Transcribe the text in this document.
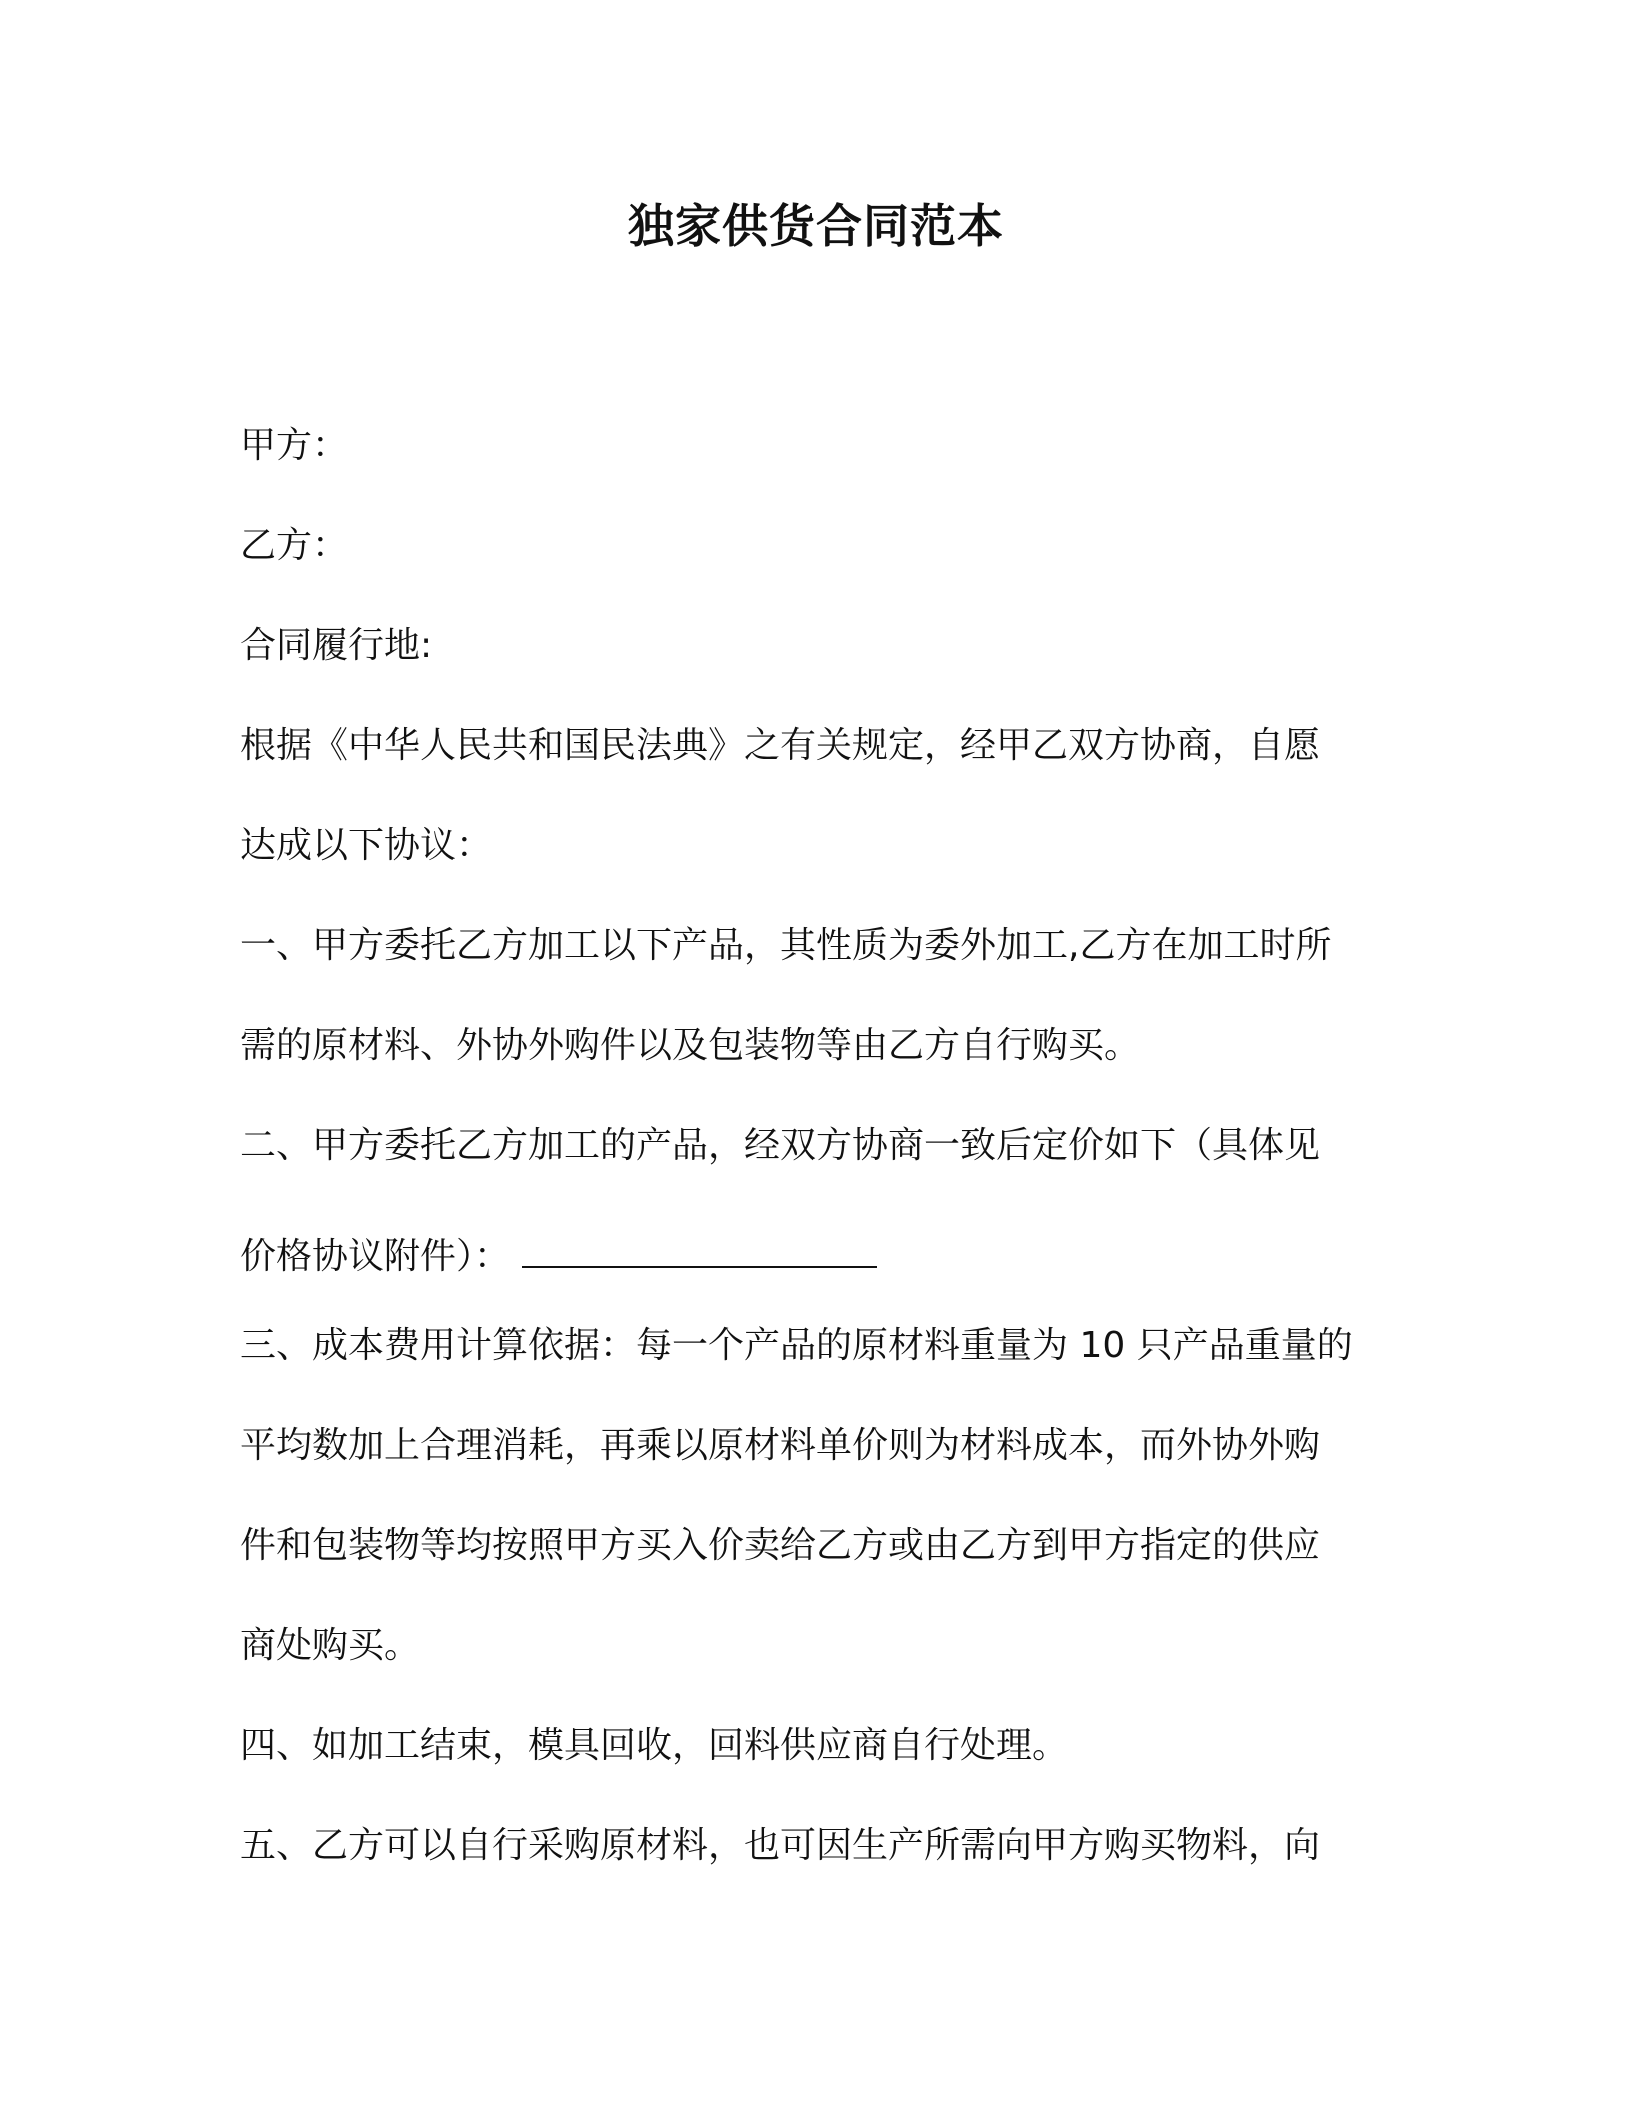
独家供货合同范本

甲方：

乙方：

合同履行地:

根据《中华人民共和国民法典》之有关规定，经甲乙双方协商，自愿

达成以下协议：

一、甲方委托乙方加工以下产品，其性质为委外加工,乙方在加工时所

需的原材料、外协外购件以及包装物等由乙方自行购买。

二、甲方委托乙方加工的产品，经双方协商一致后定价如下（具体见

价格协议附件）：

三、成本费用计算依据：每一个产品的原材料重量为 10 只产品重量的

平均数加上合理消耗，再乘以原材料单价则为材料成本，而外协外购

件和包装物等均按照甲方买入价卖给乙方或由乙方到甲方指定的供应

商处购买。

四、如加工结束，模具回收，回料供应商自行处理。

五、乙方可以自行采购原材料，也可因生产所需向甲方购买物料，向
